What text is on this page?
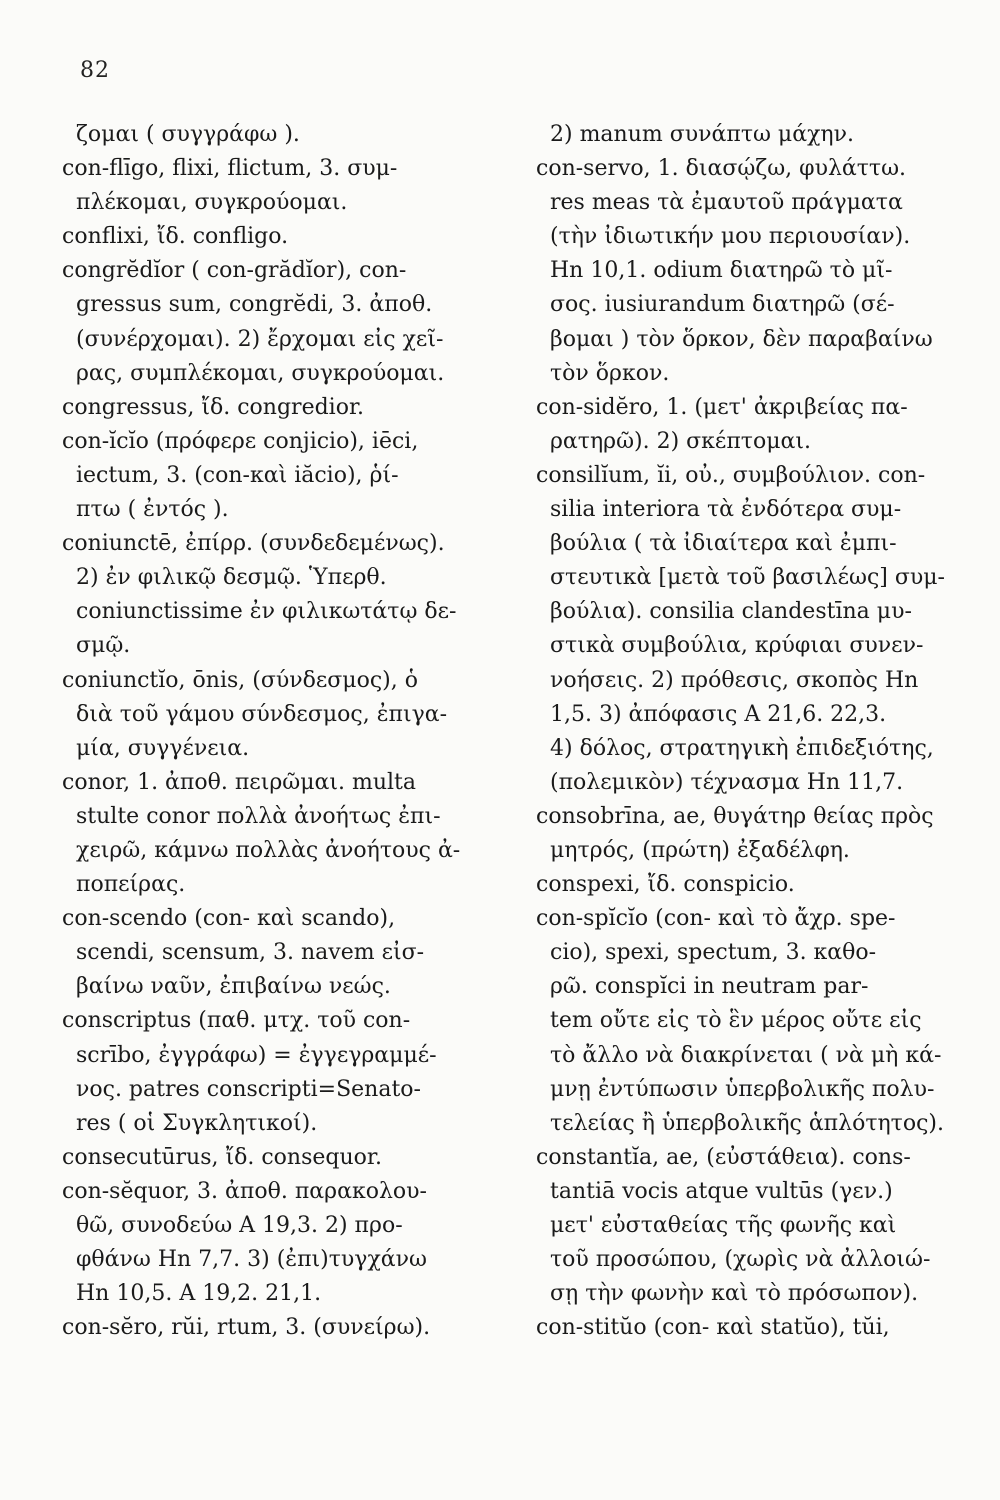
82
ζομαι ( συγγράφω ).
con-flīgo, flixi, flictum, 3. συμ-
πλέκομαι, συγκρούομαι.
conflixi, ἴδ. confligo.
congrĕdĭor ( con-grădĭor), con-
gressus sum, congrĕdi, 3. ἀποθ.
(συνέρχομαι). 2) ἔρχομαι εἰς χεῖ-
ρας, συμπλέκομαι, συγκρούομαι.
congressus, ἴδ. congredior.
con-ĭcĭo (πρόφερε conjicio), iēci,
iectum, 3. (con-καὶ iăcio), ῥί-
πτω ( ἐντός ).
coniunctē, ἐπίρρ. (συνδεδεμένως).
2) ἐν φιλικῷ δεσμῷ. Ὑπερθ.
coniunctissime ἐν φιλικωτάτῳ δε-
σμῷ.
coniunctĭo, ōnis, (σύνδεσμος), ὁ
διὰ τοῦ γάμου σύνδεσμος, ἐπιγα-
μία, συγγένεια.
conor, 1. ἀποθ. πειρῶμαι. multa
stulte conor πολλὰ ἀνοήτως ἐπι-
χειρῶ, κάμνω πολλὰς ἀνοήτους ἀ-
ποπείρας.
con-scendo (con- καὶ scando),
scendi, scensum, 3. navem εἰσ-
βαίνω ναῦν, ἐπιβαίνω νεώς.
conscriptus (παθ. μτχ. τοῦ con-
scrībo, ἐγγράφω) = ἐγγεγραμμέ-
νος. patres conscripti=Senato-
res ( οἱ Συγκλητικοί).
consecutūrus, ἴδ. consequor.
con-sĕquor, 3. ἀποθ. παρακολου-
θῶ, συνοδεύω A 19,3. 2) προ-
φθάνω Hn 7,7. 3) (ἐπι)τυγχάνω
Hn 10,5. A 19,2. 21,1.
con-sĕro, rŭi, rtum, 3. (συνείρω).
2) manum συνάπτω μάχην.
con-servo, 1. διασῴζω, φυλάττω.
res meas τὰ ἐμαυτοῦ πράγματα
(τὴν ἰδιωτικήν μου περιουσίαν).
Hn 10,1. odium διατηρῶ τὸ μῖ-
σος. iusiurandum διατηρῶ (σέ-
βομαι ) τὸν ὅρκον, δὲν παραβαίνω
τὸν ὅρκον.
con-sidĕro, 1. (μετ' ἀκριβείας πα-
ρατηρῶ). 2) σκέπτομαι.
consilĭum, ĭi, οὐ., συμβούλιον. con-
silia interiora τὰ ἐνδότερα συμ-
βούλια ( τὰ ἰδιαίτερα καὶ ἐμπι-
στευτικὰ [μετὰ τοῦ βασιλέως] συμ-
βούλια). consilia clandestīna μυ-
στικὰ συμβούλια, κρύφιαι συνεν-
νοήσεις. 2) πρόθεσις, σκοπὸς Hn
1,5. 3) ἀπόφασις A 21,6. 22,3.
4) δόλος, στρατηγικὴ ἐπιδεξιότης,
(πολεμικὸν) τέχνασμα Hn 11,7.
consobrīna, ae, θυγάτηρ θείας πρὸς
μητρός, (πρώτη) ἐξαδέλφη.
conspexi, ἴδ. conspicio.
con-spĭcĭo (con- καὶ τὸ ἄχρ. spe-
cio), spexi, spectum, 3. καθο-
ρῶ. conspĭci in neutram par-
tem οὔτε εἰς τὸ ἓν μέρος οὔτε εἰς
τὸ ἄλλο νὰ διακρίνεται ( νὰ μὴ κά-
μνῃ ἐντύπωσιν ὑπερβολικῆς πολυ-
τελείας ἢ ὑπερβολικῆς ἁπλότητος).
constantĭa, ae, (εὐστάθεια). cons-
tantiā vocis atque vultūs (γεν.)
μετ' εὐσταθείας τῆς φωνῆς καὶ
τοῦ προσώπου, (χωρὶς νὰ ἀλλοιώ-
σῃ τὴν φωνὴν καὶ τὸ πρόσωπον).
con-stitŭo (con- καὶ statŭo), tŭi,
